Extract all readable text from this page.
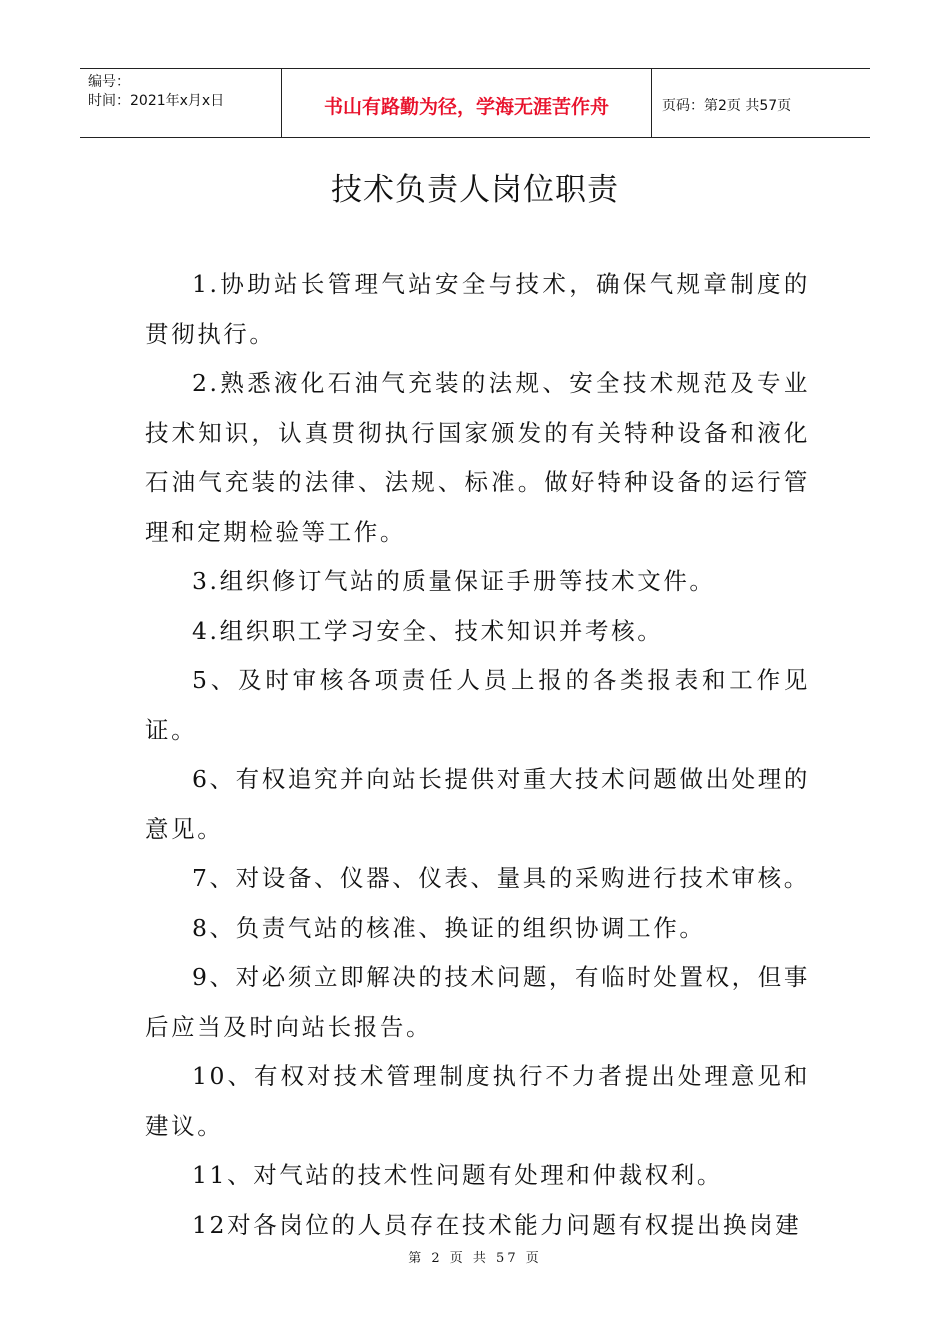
编号：
时间：2021年x月x日	书山有路勤为径，学海无涯苦作舟	页码：第2页 共57页
技术负责人岗位职责

1.协助站长管理气站安全与技术，确保气规章制度的贯彻执行。

2.熟悉液化石油气充装的法规、安全技术规范及专业技术知识，认真贯彻执行国家颁发的有关特种设备和液化石油气充装的法律、法规、标准。做好特种设备的运行管理和定期检验等工作。

3.组织修订气站的质量保证手册等技术文件。

4.组织职工学习安全、技术知识并考核。

5、及时审核各项责任人员上报的各类报表和工作见证。

6、有权追究并向站长提供对重大技术问题做出处理的意见。

7、对设备、仪器、仪表、量具的采购进行技术审核。

8、负责气站的核准、换证的组织协调工作。

9、对必须立即解决的技术问题，有临时处置权，但事后应当及时向站长报告。

10、有权对技术管理制度执行不力者提出处理意见和建议。

11、对气站的技术性问题有处理和仲裁权利。

12对各岗位的人员存在技术能力问题有权提出换岗建

第 2 页 共 57 页
